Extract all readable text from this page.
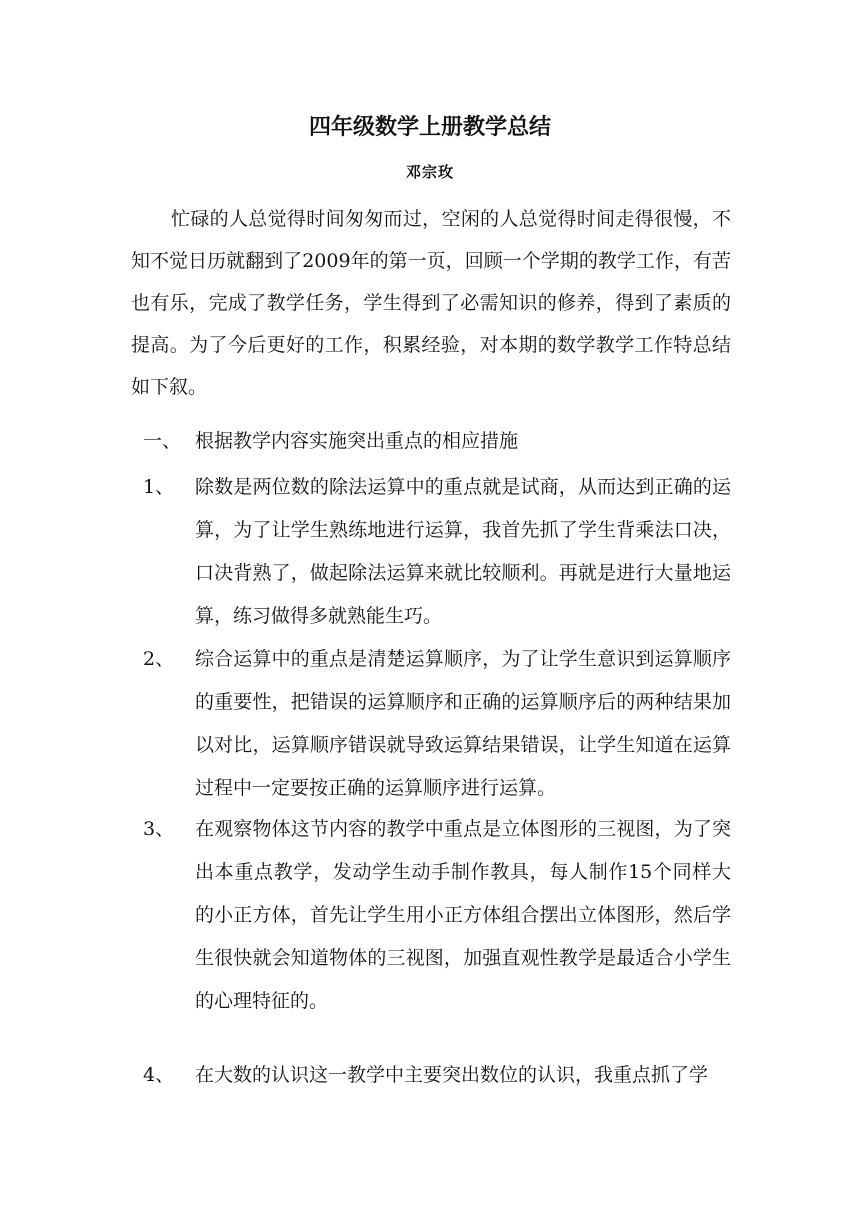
四年级数学上册教学总结
邓宗玫

忙碌的人总觉得时间匆匆而过，空闲的人总觉得时间走得很慢，不知不觉日历就翻到了2009年的第一页，回顾一个学期的教学工作，有苦也有乐，完成了教学任务，学生得到了必需知识的修养，得到了素质的提高。为了今后更好的工作，积累经验，对本期的数学教学工作特总结如下叙。

一、 根据教学内容实施突出重点的相应措施
1、 除数是两位数的除法运算中的重点就是试商，从而达到正确的运算，为了让学生熟练地进行运算，我首先抓了学生背乘法口决，口决背熟了，做起除法运算来就比较顺利。再就是进行大量地运算，练习做得多就熟能生巧。
2、 综合运算中的重点是清楚运算顺序，为了让学生意识到运算顺序的重要性，把错误的运算顺序和正确的运算顺序后的两种结果加以对比，运算顺序错误就导致运算结果错误，让学生知道在运算过程中一定要按正确的运算顺序进行运算。
3、 在观察物体这节内容的教学中重点是立体图形的三视图，为了突出本重点教学，发动学生动手制作教具，每人制作15个同样大的小正方体，首先让学生用小正方体组合摆出立体图形，然后学生很快就会知道物体的三视图，加强直观性教学是最适合小学生的心理特征的。
4、 在大数的认识这一教学中主要突出数位的认识，我重点抓了学
